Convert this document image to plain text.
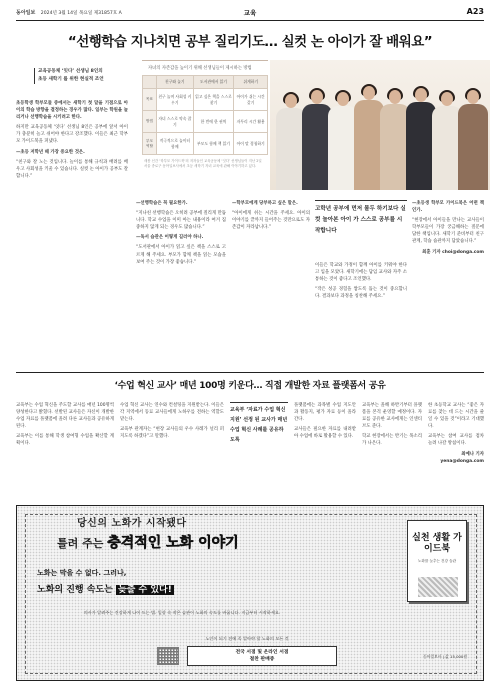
동아일보 2024년 3월 14일 목요일 제31857호 A	교육	A23
“선행학습 지나치면 공부 질리기도… 실컷 논 아이가 잘 배워요”
교육공동체 ‘잇다’ 선생님 8인의
초등 새학기 를 위한 현실적 조언
자녀의 자존감을 높이기 위해 선생님들이 제시하는 방법
	친구와 놀기	도서관에서 읽기	쉬게하기
목표	친구 놀며 사회성 키우기	읽고 싶은 책을 스스로 찾기	아이가 쉬는 시간 갖기
방법	자녀 스스로 약속 잡기	한 번에 한 권씩	자투리 시간 활용
부모 역할	적극적으로 놀이터 함께	부모도 함께 책 읽기	아이 말 경청하기
새봄 신간 ‘학부모 가이드북’의 저자들인 교육공동체 ‘잇다’ 선생님들이 지난 2일 서울 종로구 동아일보사에서 초등 새학기 자녀 교육에 관해 이야기하고 있다.

초등학생 학부모들 중에서는 새학기 첫 달을 기점으로 아이의 학습 방향을 결정하는 경우가 많다. 일부는 학원을 늘리거나 선행학습을 시키려고 한다.

하지만 교육공동체 ‘잇다’ 선생님 8인은 공부에 앞서 아이가 충분히 놀고 쉬어야 한다고 강조했다. 이들은 최근 학부모 가이드북을 펴냈다.

—초등 저학년 때 가장 중요한 것은.

“친구와 잘 노는 것입니다. 놀이를 통해 규칙과 배려를 배우고 사회성을 키울 수 있습니다. 실컷 논 아이가 공부도 잘합니다.”

—선행학습은 꼭 필요한가.

“지나친 선행학습은 오히려 공부에 질리게 만듭니다. 학교 수업을 이미 아는 내용이라 여겨 집중하지 않게 되는 경우도 많습니다.”

—독서 습관은 어떻게 길러야 하나.

“도서관에서 아이가 읽고 싶은 책을 스스로 고르게 해 주세요. 부모가 함께 책을 읽는 모습을 보여 주는 것이 가장 좋습니다.”

—학부모에게 당부하고 싶은 말은.

“아이에게 쉬는 시간을 주세요. 아이의 이야기를 끝까지 들어주는 것만으로도 자존감이 자라납니다.”

고학년 공부에 먼저 몰두 하기보다 실컷 놀아본 아이 가 스스로 공부를 시작합니다

이들은 학교와 가정이 함께 아이를 키워야 한다고 입을 모았다. 새학기에는 담임 교사와 자주 소통하는 것이 좋다고 조언했다.

“작은 성공 경험을 쌓도록 돕는 것이 중요합니다. 결과보다 과정을 칭찬해 주세요.”

—초등생 학부모 가이드북은 어떤 책인가.

“현장에서 아이들을 만나는 교사들이 학부모들이 가장 궁금해하는 질문에 답한 책입니다. 새학기 준비부터 친구 관계, 학습 습관까지 담았습니다.”

최훈 기자 choi@donga.com

‘수업 혁신 교사’ 매년 100명 키운다… 직접 개발한 자료 플랫폼서 공유

교육부는 수업 혁신을 주도할 교사를 매년 100명씩 양성한다고 밝혔다. 선발된 교사들은 자신이 개발한 수업 자료를 플랫폼에 올려 다른 교사들과 공유하게 된다.

교육부는 이를 통해 학생 참여형 수업을 확산할 계획이다.

수업 혁신 교사는 연수와 컨설팅을 지원받는다. 이들은 각 지역에서 동료 교사들에게 노하우를 전하는 역할도 맡는다.

교육부 관계자는 “현장 교사들의 우수 사례가 널리 퍼지도록 하겠다”고 말했다.

교육부 ‘자료가 수업 혁신 지원’ 선정 된 교사가 매년 수업 혁신 사례를 공유하도록

플랫폼에는 과목별 수업 지도안과 활동지, 평가 자료 등이 올라간다.

교사들은 필요한 자료를 내려받아 수업에 바로 활용할 수 있다.

교육부는 올해 하반기부터 플랫폼을 본격 운영할 예정이다. 자료를 공유한 교사에게는 인센티브도 준다.

학교 현장에서는 반기는 목소리가 나온다.

한 초등학교 교사는 “좋은 자료를 찾는 데 드는 시간을 줄일 수 있을 것”이라고 기대했다.

교육부는 참여 교사를 점차 늘려 나갈 방침이다.

최예나 기자 yena@donga.com

당신의 노화가 시작됐다
틀려 주는 충격적인 노화 이야기
노화는 막을 수 없다. 그러나,
노화의 진행 속도는 늦출 수 있다!
의사가 알려주는 건강하게 나이 드는 법. 일상 속 작은 습관이 노화의 속도를 바꿉니다. 지금부터 시작하세요.
노인이 되기 전에 꼭 알아야 할 노화의 모든 것
전국 서점 및 온라인 서점
절찬 판매중
실천 생활 가이드북
노화를 늦추는 건강 습관
동아일보사 | 값 15,000원
